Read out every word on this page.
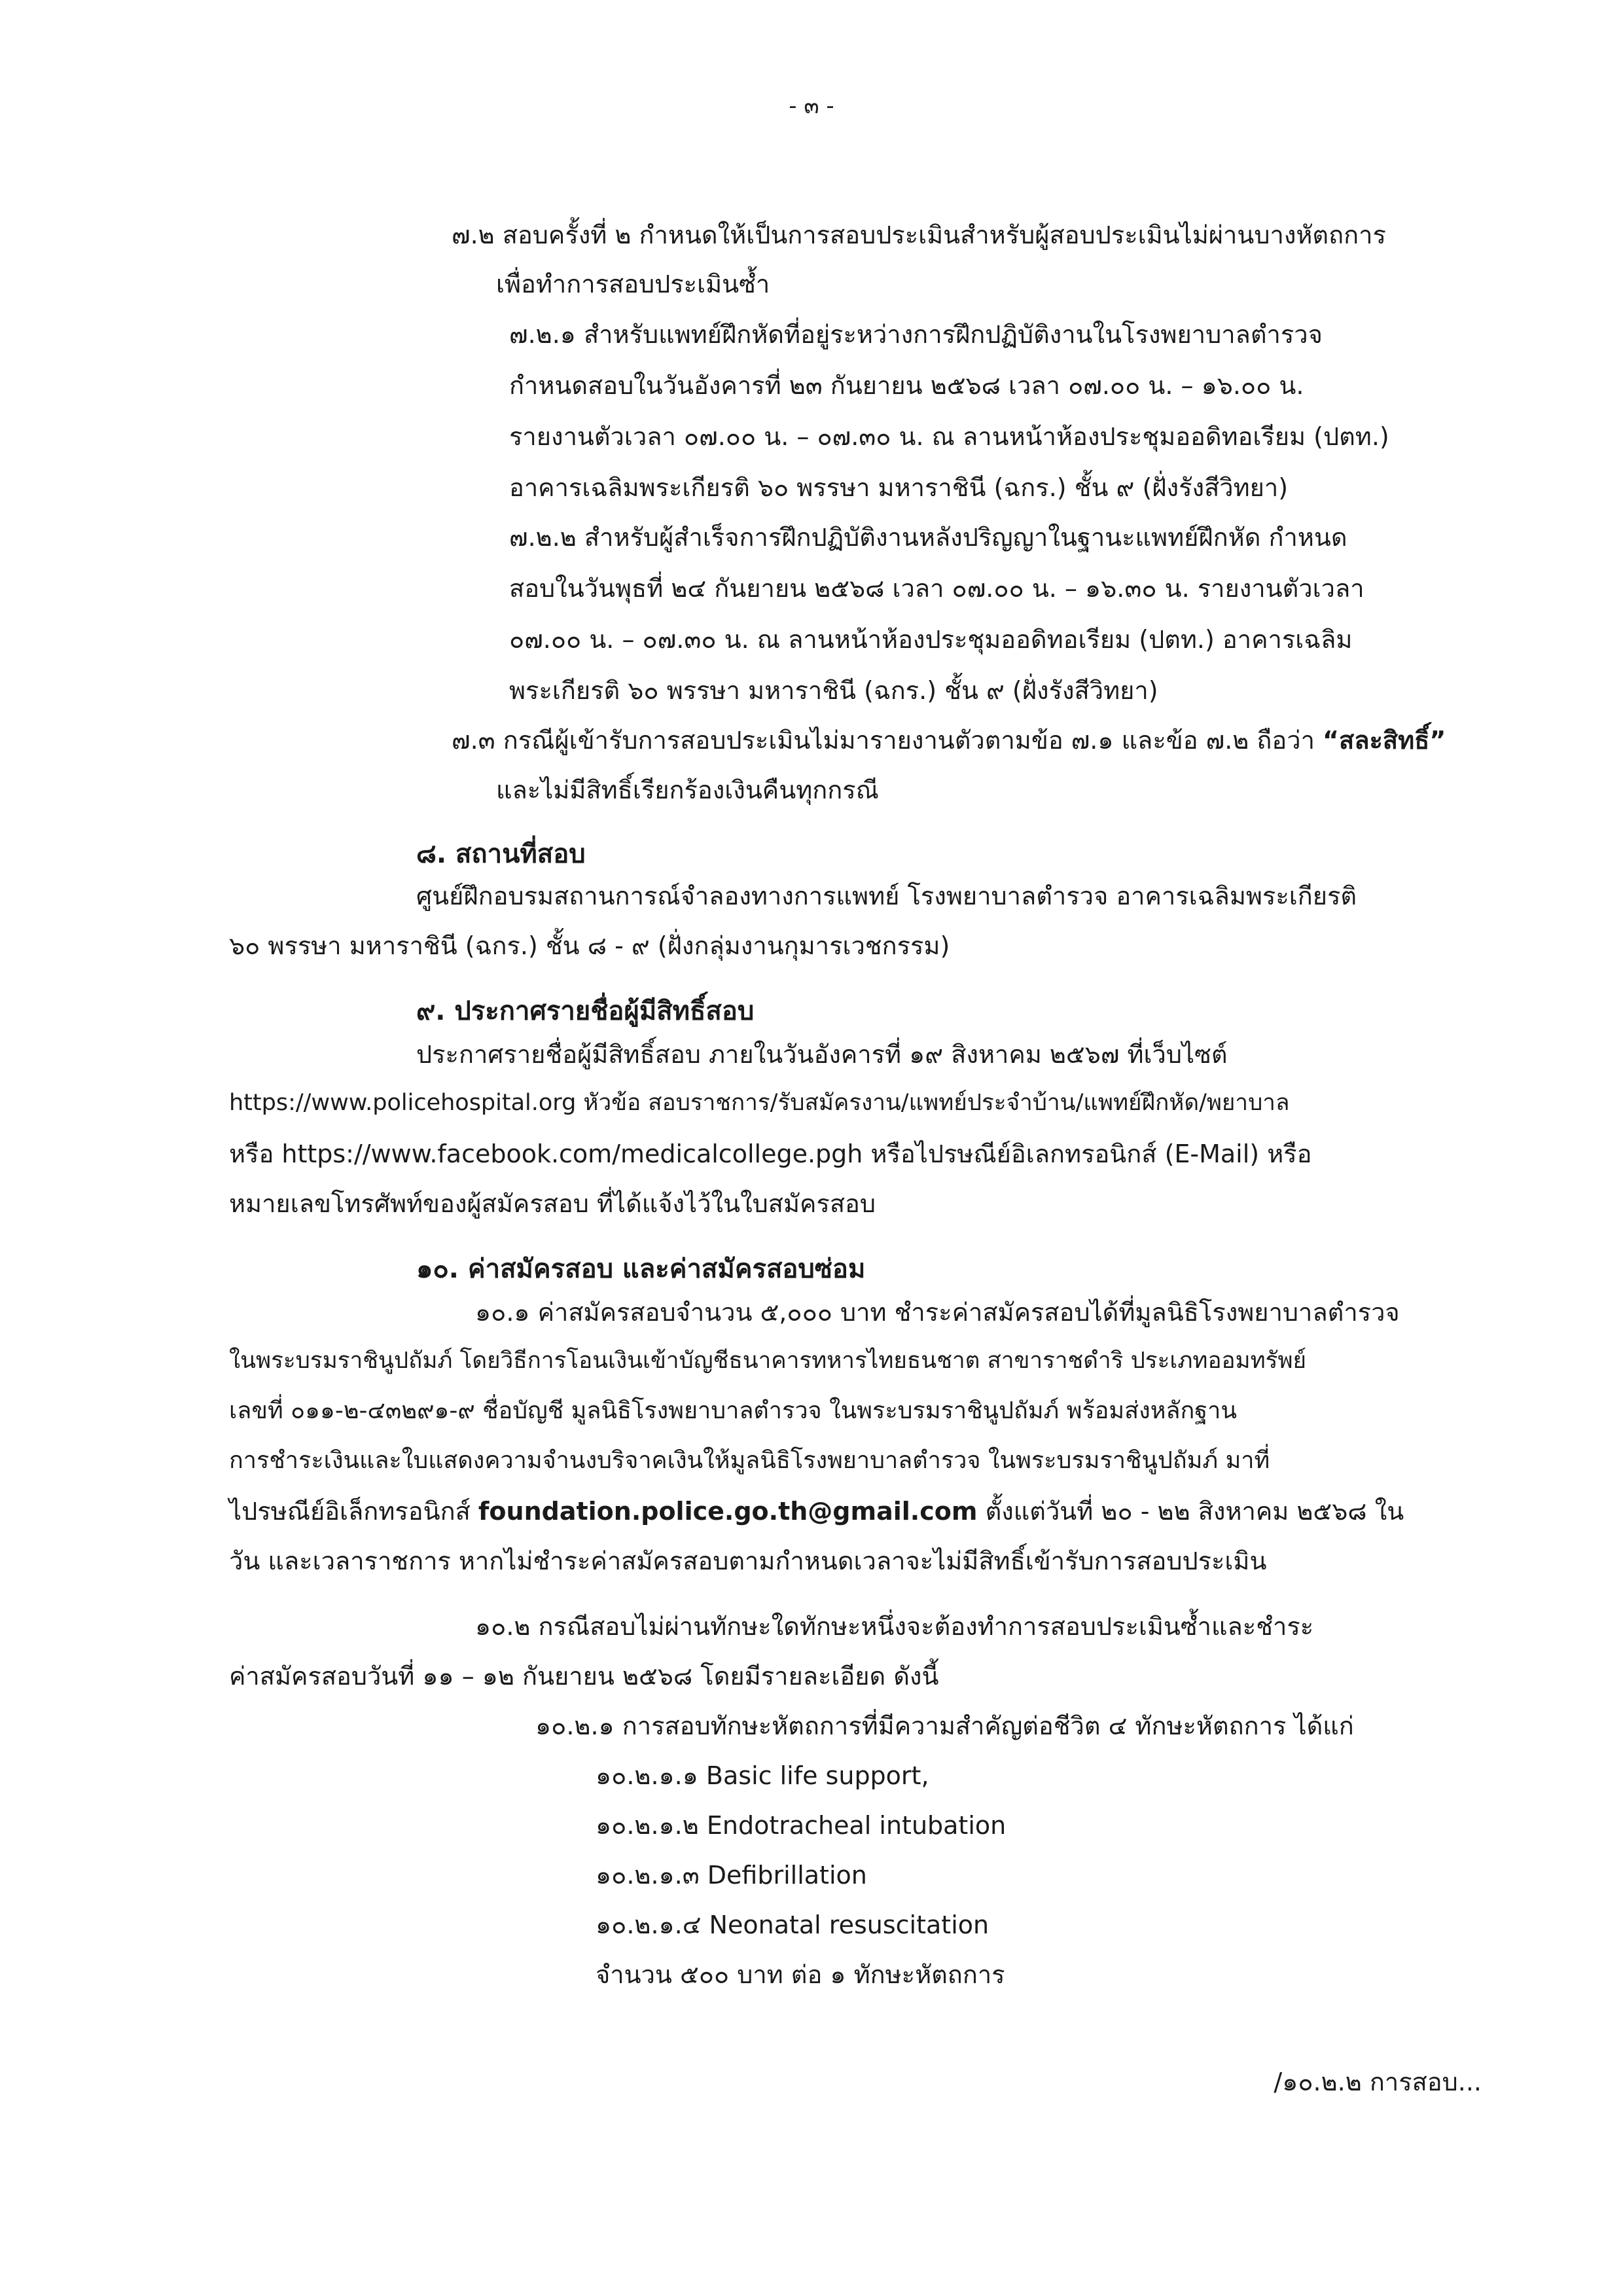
- ๓ -
๗.๒ สอบครั้งที่ ๒ กำหนดให้เป็นการสอบประเมินสำหรับผู้สอบประเมินไม่ผ่านบางหัตถการ
เพื่อทำการสอบประเมินซ้ำ
๗.๒.๑ สำหรับแพทย์ฝึกหัดที่อยู่ระหว่างการฝึกปฏิบัติงานในโรงพยาบาลตำรวจ
กำหนดสอบในวันอังคารที่ ๒๓ กันยายน ๒๕๖๘ เวลา ๐๗.๐๐ น. – ๑๖.๐๐ น.
รายงานตัวเวลา ๐๗.๐๐ น. – ๐๗.๓๐ น. ณ ลานหน้าห้องประชุมออดิทอเรียม (ปตท.)
อาคารเฉลิมพระเกียรติ ๖๐ พรรษา มหาราชินี (ฉกร.) ชั้น ๙ (ฝั่งรังสีวิทยา)
๗.๒.๒ สำหรับผู้สำเร็จการฝึกปฏิบัติงานหลังปริญญาในฐานะแพทย์ฝึกหัด กำหนด
สอบในวันพุธที่ ๒๔ กันยายน ๒๕๖๘ เวลา ๐๗.๐๐ น. – ๑๖.๓๐ น. รายงานตัวเวลา
๐๗.๐๐ น. – ๐๗.๓๐ น. ณ ลานหน้าห้องประชุมออดิทอเรียม (ปตท.) อาคารเฉลิม
พระเกียรติ ๖๐ พรรษา มหาราชินี (ฉกร.) ชั้น ๙ (ฝั่งรังสีวิทยา)
๗.๓ กรณีผู้เข้ารับการสอบประเมินไม่มารายงานตัวตามข้อ ๗.๑ และข้อ ๗.๒ ถือว่า “สละสิทธิ์”
และไม่มีสิทธิ์เรียกร้องเงินคืนทุกกรณี
๘. สถานที่สอบ
ศูนย์ฝึกอบรมสถานการณ์จำลองทางการแพทย์ โรงพยาบาลตำรวจ อาคารเฉลิมพระเกียรติ
๖๐ พรรษา มหาราชินี (ฉกร.) ชั้น ๘ - ๙ (ฝั่งกลุ่มงานกุมารเวชกรรม)
๙. ประกาศรายชื่อผู้มีสิทธิ์สอบ
ประกาศรายชื่อผู้มีสิทธิ์สอบ ภายในวันอังคารที่ ๑๙ สิงหาคม ๒๕๖๗ ที่เว็บไซต์
https://www.policehospital.org หัวข้อ สอบราชการ/รับสมัครงาน/แพทย์ประจำบ้าน/แพทย์ฝึกหัด/พยาบาล
หรือ https://www.facebook.com/medicalcollege.pgh หรือไปรษณีย์อิเลกทรอนิกส์ (E-Mail) หรือ
หมายเลขโทรศัพท์ของผู้สมัครสอบ ที่ได้แจ้งไว้ในใบสมัครสอบ
๑๐. ค่าสมัครสอบ และค่าสมัครสอบซ่อม
๑๐.๑ ค่าสมัครสอบจำนวน ๕,๐๐๐ บาท ชำระค่าสมัครสอบได้ที่มูลนิธิโรงพยาบาลตำรวจ
ในพระบรมราชินูปถัมภ์ โดยวิธีการโอนเงินเข้าบัญชีธนาคารทหารไทยธนชาต สาขาราชดำริ ประเภทออมทรัพย์
เลขที่ ๐๑๑-๒-๔๓๒๙๑-๙ ชื่อบัญชี มูลนิธิโรงพยาบาลตำรวจ ในพระบรมราชินูปถัมภ์ พร้อมส่งหลักฐาน
การชำระเงินและใบแสดงความจำนงบริจาคเงินให้มูลนิธิโรงพยาบาลตำรวจ ในพระบรมราชินูปถัมภ์ มาที่
ไปรษณีย์อิเล็กทรอนิกส์ foundation.police.go.th@gmail.com ตั้งแต่วันที่ ๒๐ - ๒๒ สิงหาคม ๒๕๖๘ ใน
วัน และเวลาราชการ หากไม่ชำระค่าสมัครสอบตามกำหนดเวลาจะไม่มีสิทธิ์เข้ารับการสอบประเมิน
๑๐.๒ กรณีสอบไม่ผ่านทักษะใดทักษะหนึ่งจะต้องทำการสอบประเมินซ้ำและชำระ
ค่าสมัครสอบวันที่ ๑๑ – ๑๒ กันยายน ๒๕๖๘ โดยมีรายละเอียด ดังนี้
๑๐.๒.๑ การสอบทักษะหัตถการที่มีความสำคัญต่อชีวิต ๔ ทักษะหัตถการ ได้แก่
๑๐.๒.๑.๑ Basic life support,
๑๐.๒.๑.๒ Endotracheal intubation
๑๐.๒.๑.๓ Defibrillation
๑๐.๒.๑.๔ Neonatal resuscitation
จำนวน ๕๐๐ บาท ต่อ ๑ ทักษะหัตถการ
/๑๐.๒.๒ การสอบ...
